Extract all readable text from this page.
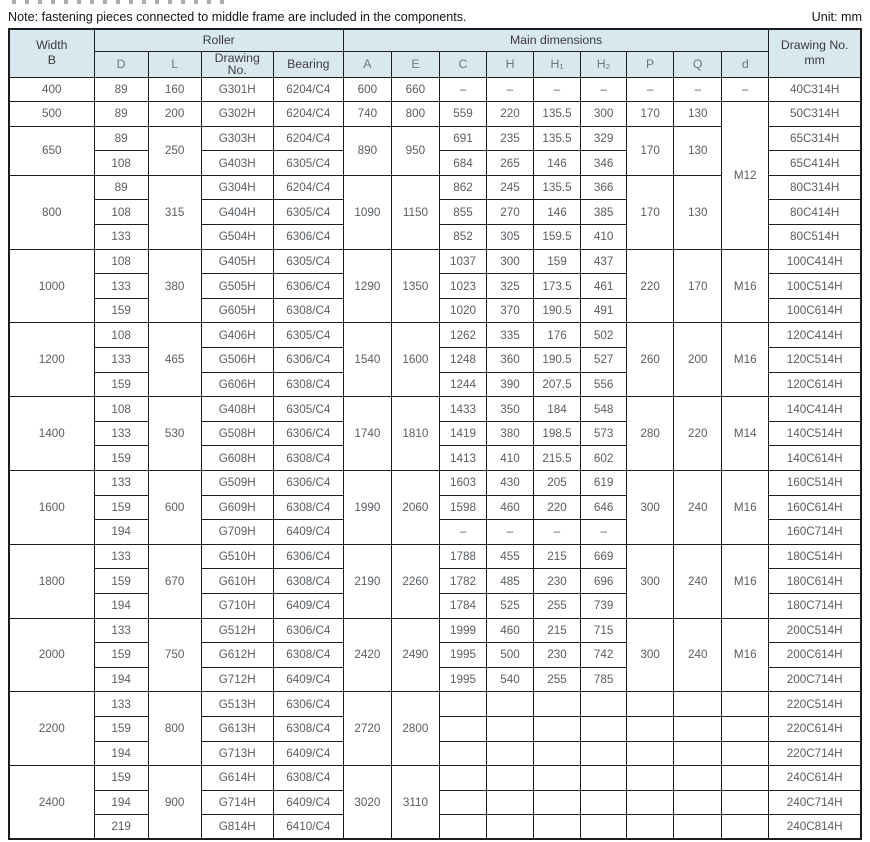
Note: fastening pieces connected to middle frame are included in the components.	Unit: mm
Width
B
	Roller	Main dimensions	Drawing No.
mm

	D	L	Drawing
No.	Bearing	A	E	C	H	H₁	H₂	P	Q	d	

400	89	160	G301H	6204/C4	600	660	–	–	–	–	–	–	–	40C314H
500	89	200	G302H	6204/C4	740	800	559	220	135.5	300	170	130	M12	50C314H
650	89	250	G303H	6204/C4	890	950	691	235	135.5	329	170	130		65C314H
	108		G403H	6305/C4			684	265	146	346				65C414H
800	89	315	G304H	6204/C4	1090	1150	862	245	135.5	366	170	130		80C314H
	108		G404H	6305/C4			855	270	146	385				80C414H
	133		G504H	6306/C4			852	305	159.5	410				80C514H
1000	108	380	G405H	6305/C4	1290	1350	1037	300	159	437	220	170	M16	100C414H
	133		G505H	6306/C4			1023	325	173.5	461				100C514H
	159		G605H	6308/C4			1020	370	190.5	491				100C614H
1200	108	465	G406H	6305/C4	1540	1600	1262	335	176	502	260	200	M16	120C414H
	133		G506H	6306/C4			1248	360	190.5	527				120C514H
	159		G606H	6308/C4			1244	390	207.5	556				120C614H
1400	108	530	G408H	6305/C4	1740	1810	1433	350	184	548	280	220	M14	140C414H
	133		G508H	6306/C4			1419	380	198.5	573				140C514H
	159		G608H	6308/C4			1413	410	215.5	602				140C614H
1600	133	600	G509H	6306/C4	1990	2060	1603	430	205	619	300	240	M16	160C514H
	159		G609H	6308/C4			1598	460	220	646				160C614H
	194		G709H	6409/C4			–	–	–	–				160C714H
1800	133	670	G510H	6306/C4	2190	2260	1788	455	215	669	300	240	M16	180C514H
	159		G610H	6308/C4			1782	485	230	696				180C614H
	194		G710H	6409/C4			1784	525	255	739				180C714H
2000	133	750	G512H	6306/C4	2420	2490	1999	460	215	715	300	240	M16	200C514H
	159		G612H	6308/C4			1995	500	230	742				200C614H
	194		G712H	6409/C4			1995	540	255	785				200C714H
2200	133	800	G513H	6306/C4	2720	2800								220C514H
	159		G613H	6308/C4										220C614H
	194		G713H	6409/C4										220C714H
2400	159	900	G614H	6308/C4	3020	3110								240C614H
	194		G714H	6409/C4										240C714H
	219		G814H	6410/C4										240C814H
